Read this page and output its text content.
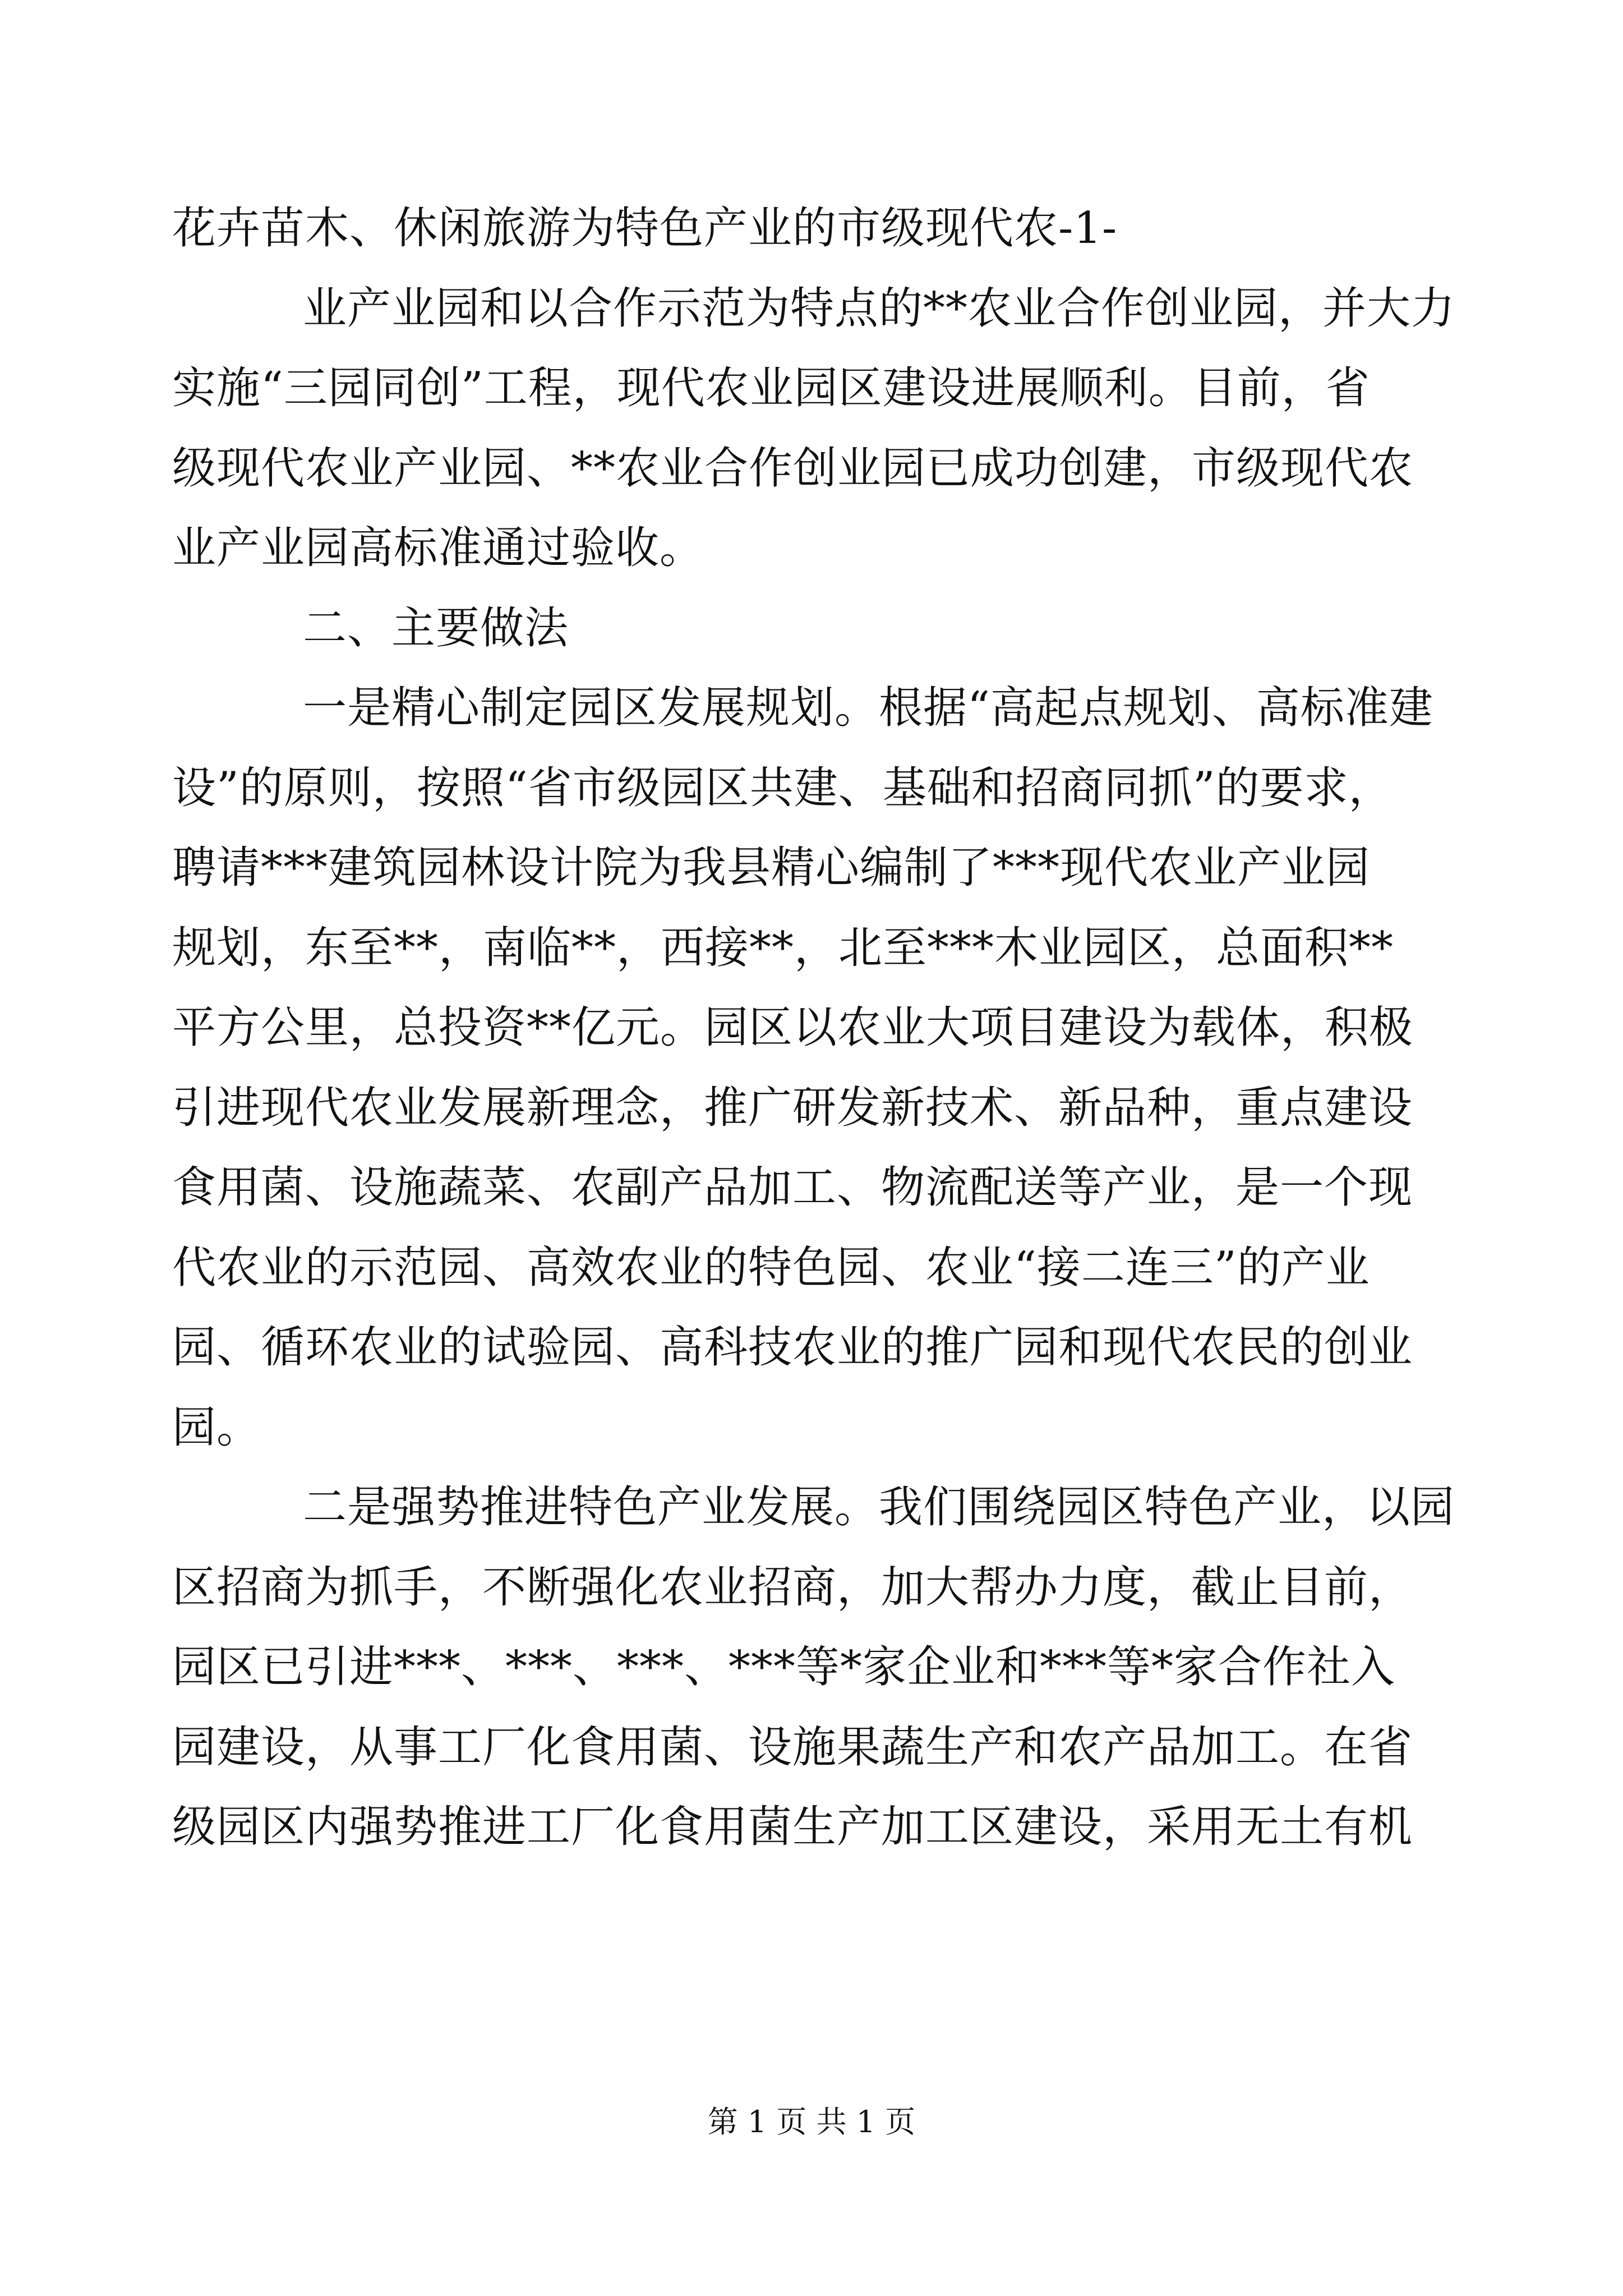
花卉苗木、休闲旅游为特色产业的市级现代农-1-
业产业园和以合作示范为特点的**农业合作创业园，并大力
实施“三园同创”工程，现代农业园区建设进展顺利。目前，省
级现代农业产业园、**农业合作创业园已成功创建，市级现代农
业产业园高标准通过验收。
二、主要做法
一是精心制定园区发展规划。根据“高起点规划、高标准建
设”的原则，按照“省市级园区共建、基础和招商同抓”的要求，
聘请***建筑园林设计院为我县精心编制了***现代农业产业园
规划，东至**，南临**，西接**，北至***木业园区，总面积**
平方公里，总投资**亿元。园区以农业大项目建设为载体，积极
引进现代农业发展新理念，推广研发新技术、新品种，重点建设
食用菌、设施蔬菜、农副产品加工、物流配送等产业，是一个现
代农业的示范园、高效农业的特色园、农业“接二连三”的产业
园、循环农业的试验园、高科技农业的推广园和现代农民的创业
园。
二是强势推进特色产业发展。我们围绕园区特色产业，以园
区招商为抓手，不断强化农业招商，加大帮办力度，截止目前，
园区已引进***、***、***、***等*家企业和***等*家合作社入
园建设，从事工厂化食用菌、设施果蔬生产和农产品加工。在省
级园区内强势推进工厂化食用菌生产加工区建设，采用无土有机
第 1 页 共 1 页
